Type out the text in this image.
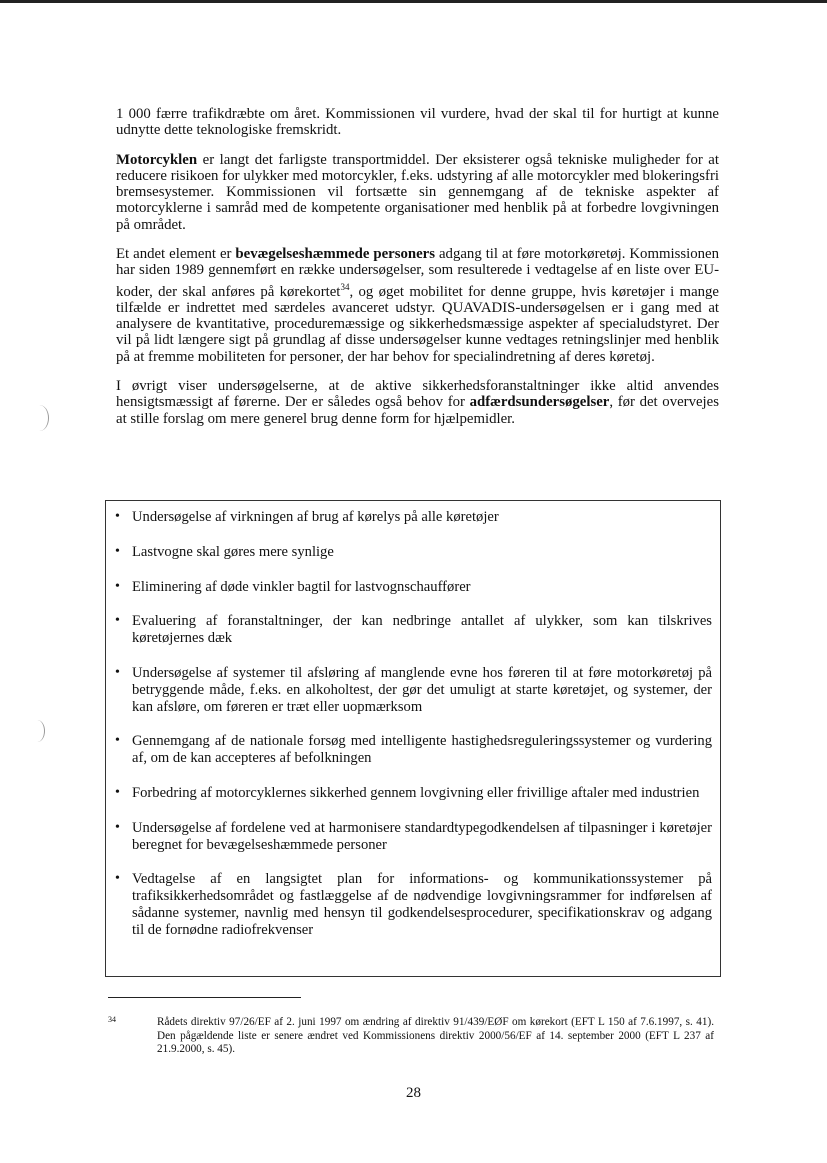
1 000 færre trafikdræbte om året. Kommissionen vil vurdere, hvad der skal til for hurtigt at kunne udnytte dette teknologiske fremskridt.

Motorcyklen er langt det farligste transportmiddel. Der eksisterer også tekniske muligheder for at reducere risikoen for ulykker med motorcykler, f.eks. udstyring af alle motorcykler med blokeringsfri bremsesystemer. Kommissionen vil fortsætte sin gennemgang af de tekniske aspekter af motorcyklerne i samråd med de kompetente organisationer med henblik på at forbedre lovgivningen på området.

Et andet element er bevægelseshæmmede personers adgang til at føre motorkøretøj. Kommissionen har siden 1989 gennemført en række undersøgelser, som resulterede i vedtagelse af en liste over EU-koder, der skal anføres på kørekortet$^{34}$, og øget mobilitet for denne gruppe, hvis køretøjer i mange tilfælde er indrettet med særdeles avanceret udstyr. QUAVADIS-undersøgelsen er i gang med at analysere de kvantitative, proceduremæssige og sikkerhedsmæssige aspekter af specialudstyret. Der vil på lidt længere sigt på grundlag af disse undersøgelser kunne vedtages retningslinjer med henblik på at fremme mobiliteten for personer, der har behov for specialindretning af deres køretøj.

I øvrigt viser undersøgelserne, at de aktive sikkerhedsforanstaltninger ikke altid anvendes hensigtsmæssigt af førerne. Der er således også behov for adfærdsundersøgelser, før det overvejes at stille forslag om mere generel brug denne form for hjælpemidler.

• Undersøgelse af virkningen af brug af kørelys på alle køretøjer
• Lastvogne skal gøres mere synlige
• Eliminering af døde vinkler bagtil for lastvognschauffører
• Evaluering af foranstaltninger, der kan nedbringe antallet af ulykker, som kan tilskrives køretøjernes dæk
• Undersøgelse af systemer til afsløring af manglende evne hos føreren til at føre motorkøretøj på betryggende måde, f.eks. en alkoholtest, der gør det umuligt at starte køretøjet, og systemer, der kan afsløre, om føreren er træt eller uopmærksom
• Gennemgang af de nationale forsøg med intelligente hastighedsreguleringssystemer og vurdering af, om de kan accepteres af befolkningen
• Forbedring af motorcyklernes sikkerhed gennem lovgivning eller frivillige aftaler med industrien
• Undersøgelse af fordelene ved at harmonisere standardtypegodkendelsen af tilpasninger i køretøjer beregnet for bevægelseshæmmede personer
• Vedtagelse af en langsigtet plan for informations- og kommunikationssystemer på trafiksikkerhedsområdet og fastlæggelse af de nødvendige lovgivningsrammer for indførelsen af sådanne systemer, navnlig med hensyn til godkendelsesprocedurer, specifikationskrav og adgang til de fornødne radiofrekvenser
34	Rådets direktiv 97/26/EF af 2. juni 1997 om ændring af direktiv 91/439/EØF om kørekort (EFT L 150 af 7.6.1997, s. 41). Den pågældende liste er senere ændret ved Kommissionens direktiv 2000/56/EF af 14. september 2000 (EFT L 237 af 21.9.2000, s. 45).
28
